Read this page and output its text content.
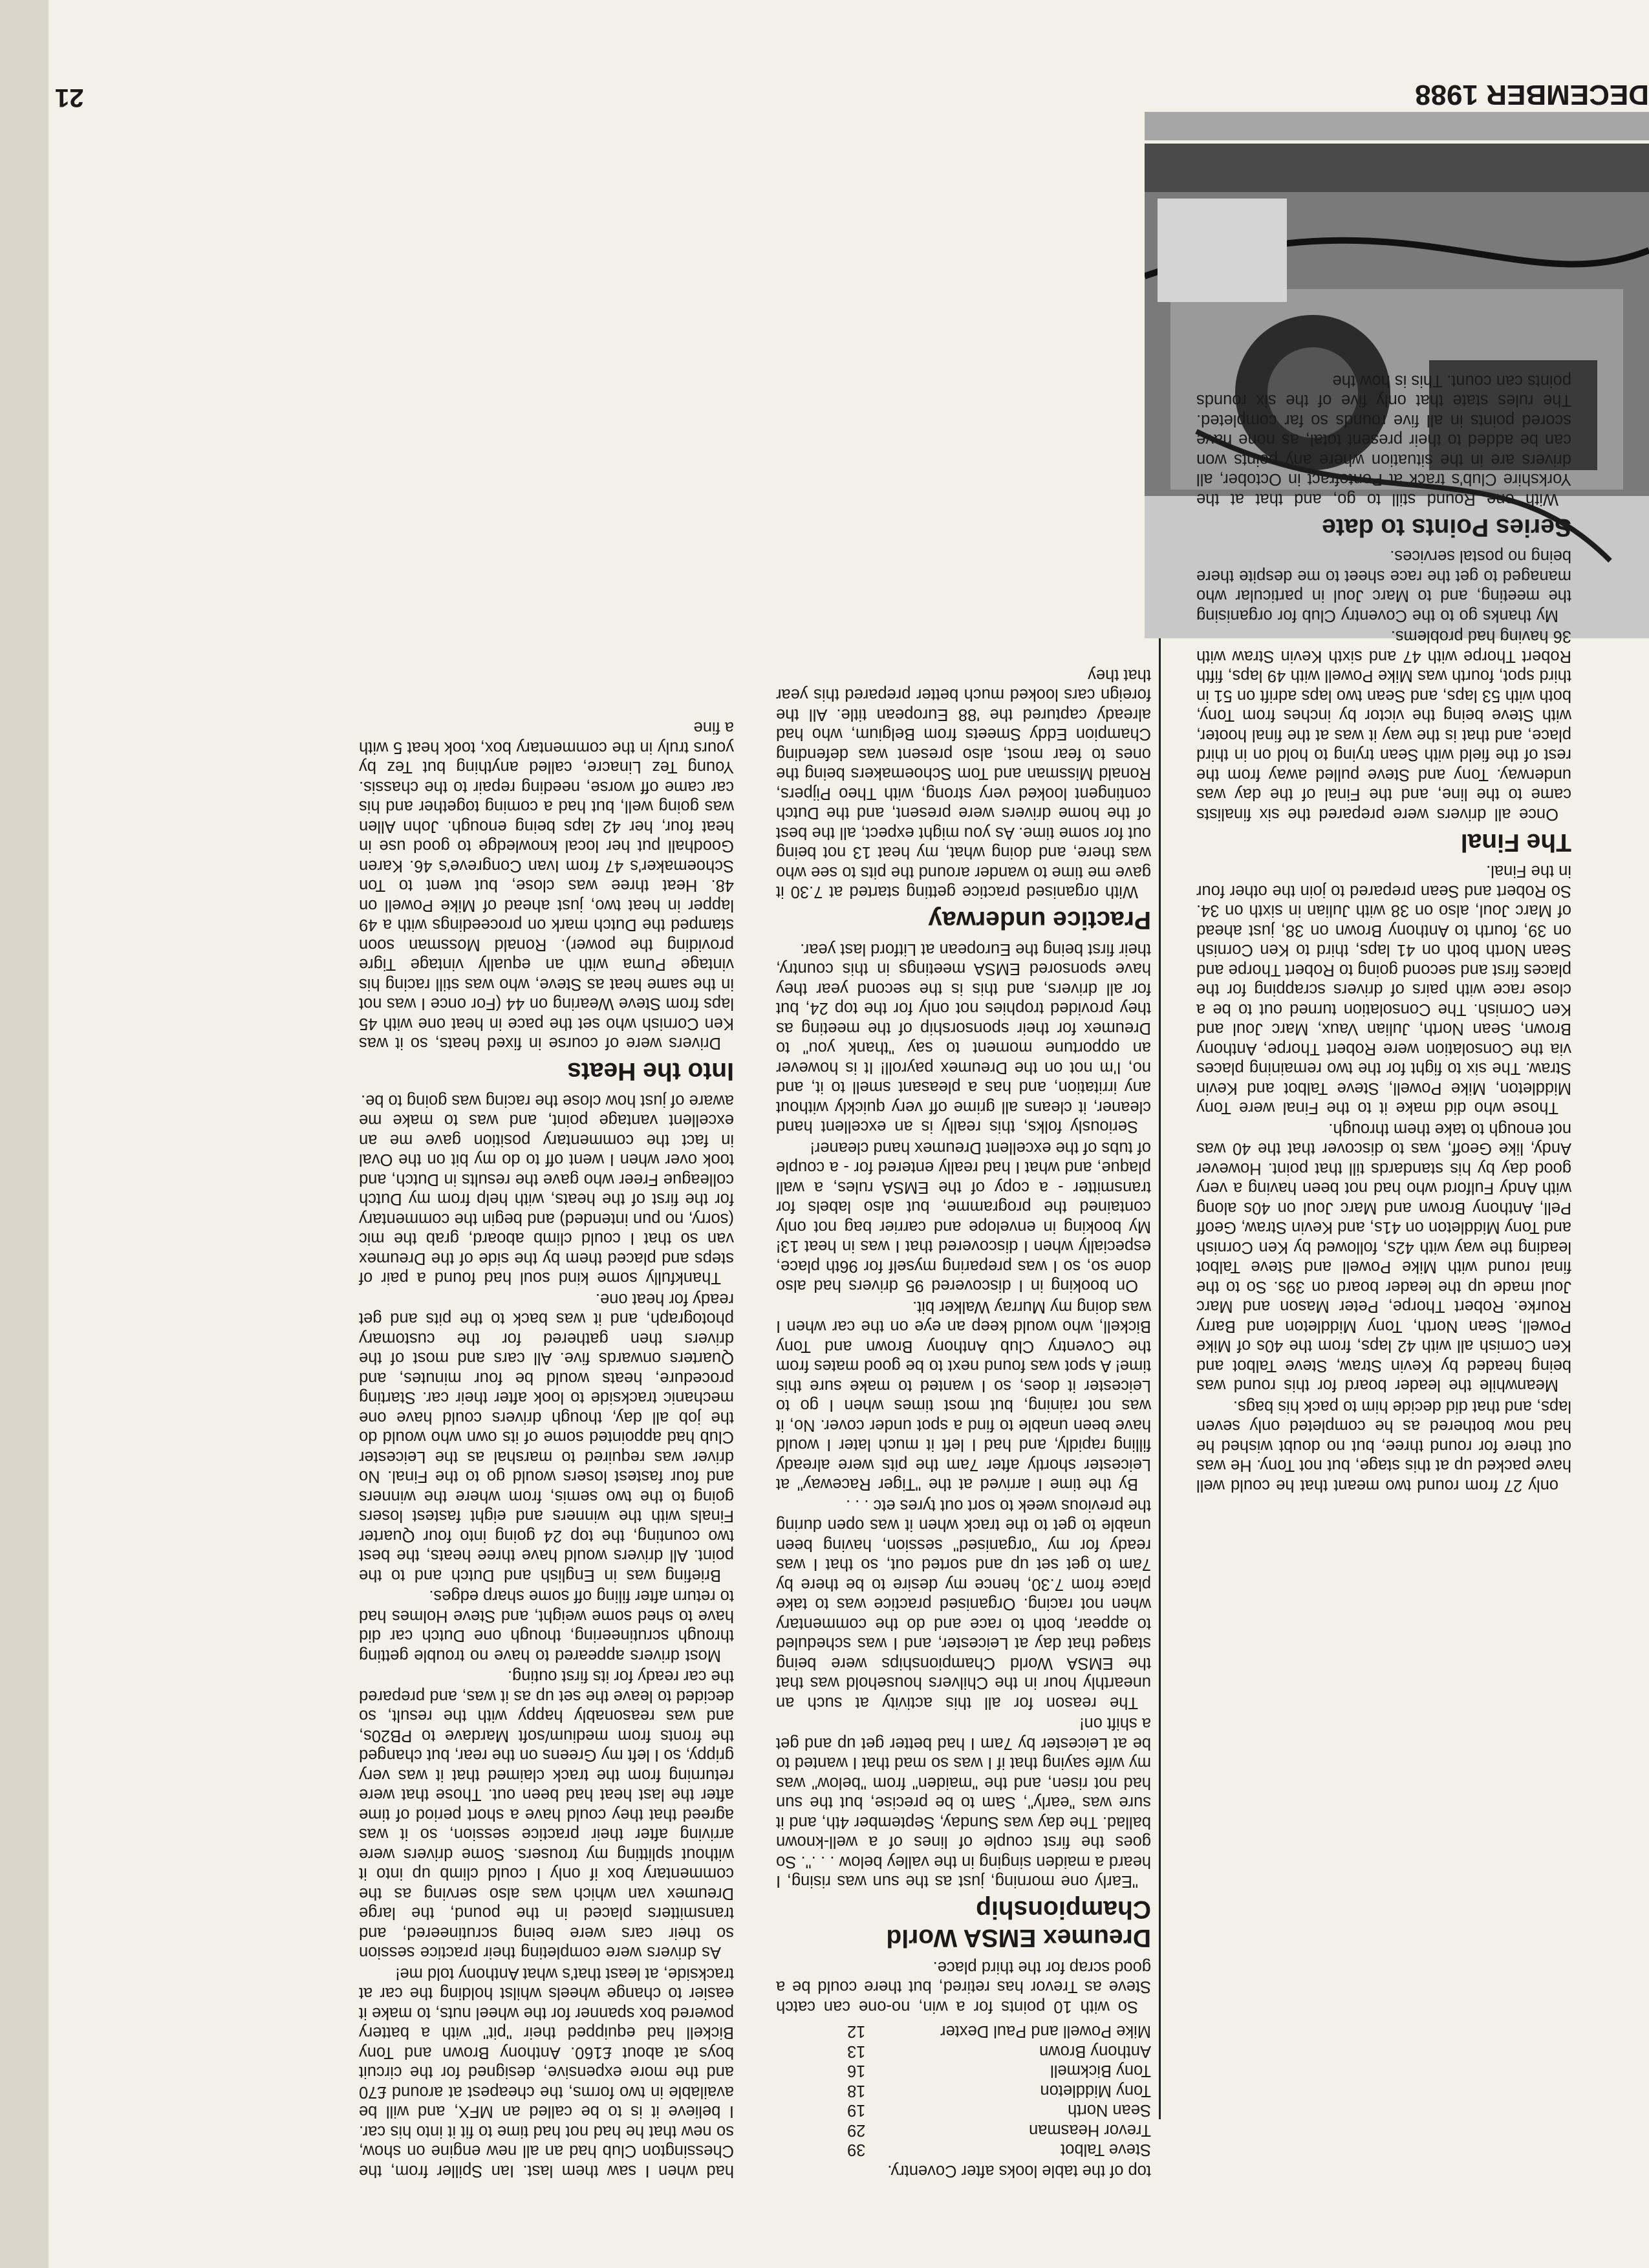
DECEMBER 1988
21

only 27 from round two meant that he could well have packed up at this stage, but not Tony. He was out there for round three, but no doubt wished he had now bothered as he completed only seven laps, and that did decide him to pack his bags.

Meanwhile the leader board for this round was being headed by Kevin Straw, Steve Talbot and Ken Cornish all with 42 laps, from the 40s of Mike Powell, Sean North, Tony Middleton and Barry Rourke. Robert Thorpe, Peter Mason and Marc Joul made up the leader board on 39s. So to the final round with Mike Powell and Steve Talbot leading the way with 42s, followed by Ken Cornish and Tony Middleton on 41s, and Kevin Straw, Geoff Pell, Anthony Brown and Marc Joul on 40s along with Andy Fulford who had not been having a very good day by his standards till that point. However Andy, like Geoff, was to discover that the 40 was not enough to take them through.

Those who did make it to the Final were Tony Middleton, Mike Powell, Steve Talbot and Kevin Straw. The six to fight for the two remaining places via the Consolation were Robert Thorpe, Anthony Brown, Sean North, Julian Vaux, Marc Joul and Ken Cornish. The Consolation turned out to be a close race with pairs of drivers scrapping for the places first and second going to Robert Thorpe and Sean North both on 41 laps, third to Ken Cornish on 39, fourth to Anthony Brown on 38, just ahead of Marc Joul, also on 38 with Julian in sixth on 34. So Robert and Sean prepared to join the other four in the Final.

The Final

Once all drivers were prepared the six finalists came to the line, and the Final of the day was underway. Tony and Steve pulled away from the rest of the field with Sean trying to hold on in third place, and that is the way it was at the final hooter, with Steve being the victor by inches from Tony, both with 53 laps, and Sean two laps adrift on 51 in third spot, fourth was Mike Powell with 49 laps, fifth Robert Thorpe with 47 and sixth Kevin Straw with 36 having had problems.

My thanks go to the Coventry Club for organising the meeting, and to Marc Joul in particular who managed to get the race sheet to me despite there being no postal services.

Series Points to date

With one Round still to go, and that at the Yorkshire Club's track at Pontefract in October, all drivers are in the situation where any points won can be added to their present total, as none have scored points in all five rounds so far completed. The rules state that only five of the six rounds points can count. This is how the

top of the table looks after Coventry.

Steve Talbot	39
Trevor Heasman	29
Sean North	19
Tony Middleton	18
Tony Bickmell	16
Anthony Brown	13
Mike Powell and Paul Dexter	12

So with 10 points for a win, no-one can catch Steve as Trevor has retired, but there could be a good scrap for the third place.

Dreumex EMSA World Championship

"Early one morning, just as the sun was rising, I heard a maiden singing in the valley below . . .". So goes the first couple of lines of a well-known ballad. The day was Sunday, September 4th, and it sure was "early", Sam to be precise, but the sun had not risen, and the "maiden" from "below" was my wife saying that if I was so mad that I wanted to be at Leicester by 7am I had better get up and get a shift on!

The reason for all this activity at such an unearthly hour in the Chilvers household was that the EMSA World Championships were being staged that day at Leicester, and I was scheduled to appear, both to race and do the commentary when not racing. Organised practice was to take place from 7.30, hence my desire to be there by 7am to get set up and sorted out, so that I was ready for my "organised" session, having been unable to get to the track when it was open during the previous week to sort out tyres etc . . .

By the time I arrived at the "Tiger Raceway" at Leicester shortly after 7am the pits were already filling rapidly, and had I left it much later I would have been unable to find a spot under cover. No, it was not raining, but most times when I go to Leicester it does, so I wanted to make sure this time! A spot was found next to be good mates from the Coventry Club Anthony Brown and Tony Bickell, who would keep an eye on the car when I was doing my Murray Walker bit.

On booking in I discovered 95 drivers had also done so, so I was preparing myself for 96th place, especially when I discovered that I was in heat 13! My booking in envelope and carrier bag not only contained the programme, but also labels for transmitter - a copy of the EMSA rules, a wall plaque, and what I had really entered for - a couple of tubs of the excellent Dreumex hand cleaner!

Seriously folks, this really is an excellent hand cleaner, it cleans all grime off very quickly without any irritation, and has a pleasant smell to it, and no, I'm not on the Dreumex payroll! It is however an opportune moment to say "thank you" to Dreumex for their sponsorship of the meeting as they provided trophies not only for the top 24, but for all drivers, and this is the second year they have sponsored EMSA meetings in this country, their first being the European at Litford last year.

Practice underway

With organised practice getting started at 7.30 it gave me time to wander around the pits to see who was there, and doing what, my heat 13 not being out for some time. As you might expect, all the best of the home drivers were present, and the Dutch contingent looked very strong, with Theo Pijpers, Ronald Missman and Tom Schoemakers being the ones to fear most, also present was defending Champion Eddy Smeets from Belgium, who had already captured the '88 European title. All the foreign cars looked much better prepared this year that they

had when I saw them last. Ian Spiller from, the Chessington Club had an all new engine on show, so new that he had not had time to fit it into his car. I believe it is to be called an MFX, and will be available in two forms, the cheapest at around £70 and the more expensive, designed for the circuit boys at about £160. Anthony Brown and Tony Bickell had equipped their "pit" with a battery powered box spanner for the wheel nuts, to make it easier to change wheels whilst holding the car at trackside, at least that's what Anthony told me!

As drivers were completing their practice session so their cars were being scrutineered, and transmitters placed in the pound, the large Dreumex van which was also serving as the commentary box if only I could climb up into it without splitting my trousers. Some drivers were arriving after their practice session, so it was agreed that they could have a short period of time after the last heat had been out. Those that were returning from the track claimed that it was very grippy, so I left my Greens on the rear, but changed the fronts from medium/soft Mardave to PB20s, and was reasonably happy with the result, so decided to leave the set up as it was, and prepared the car ready for its first outing.

Most drivers appeared to have no trouble getting through scrutineering, though one Dutch car did have to shed some weight, and Steve Holmes had to return after filing off some sharp edges.

Briefing was in English and Dutch and to the point. All drivers would have three heats, the best two counting, the top 24 going into four Quarter Finals with the winners and eight fastest losers going to the two semis, from where the winners and four fastest losers would go to the Final. No driver was required to marshal as the Leicester Club had appointed some of its own who would do the job all day, though drivers could have one mechanic trackside to look after their car. Starting procedure, heats would be four minutes, and Quarters onwards five. All cars and most of the drivers then gathered for the customary photograph, and it was back to the pits and get ready for heat one.

Thankfully some kind soul had found a pair of steps and placed them by the side of the Dreumex van so that I could climb aboard, grab the mic (sorry, no pun intended) and begin the commentary for the first of the heats, with help from my Dutch colleague Freer who gave the results in Dutch, and took over when I went off to do my bit on the Oval in fact the commentary position gave me an excellent vantage point, and was to make me aware of just how close the racing was going to be.

Into the Heats

Drivers were of course in fixed heats, so it was Ken Cornish who set the pace in heat one with 45 laps from Steve Wearing on 44 (For once I was not in the same heat as Steve, who was still racing his vintage Puma with an equally vintage Tigre providing the power). Ronald Mossman soon stamped the Dutch mark on proceedings with a 49 lapper in heat two, just ahead of Mike Powell on 48. Heat three was close, but went to Ton Schoemaker's 47 from Ivan Congreve's 46. Karen Goodhall put her local knowledge to good use in heat four, her 42 laps being enough. John Allen was going well, but had a coming together and his car came off worse, needing repair to the chassis. Young Tez Linacre, called anything but Tez by yours truly in the commentary box, took heat 5 with a fine
